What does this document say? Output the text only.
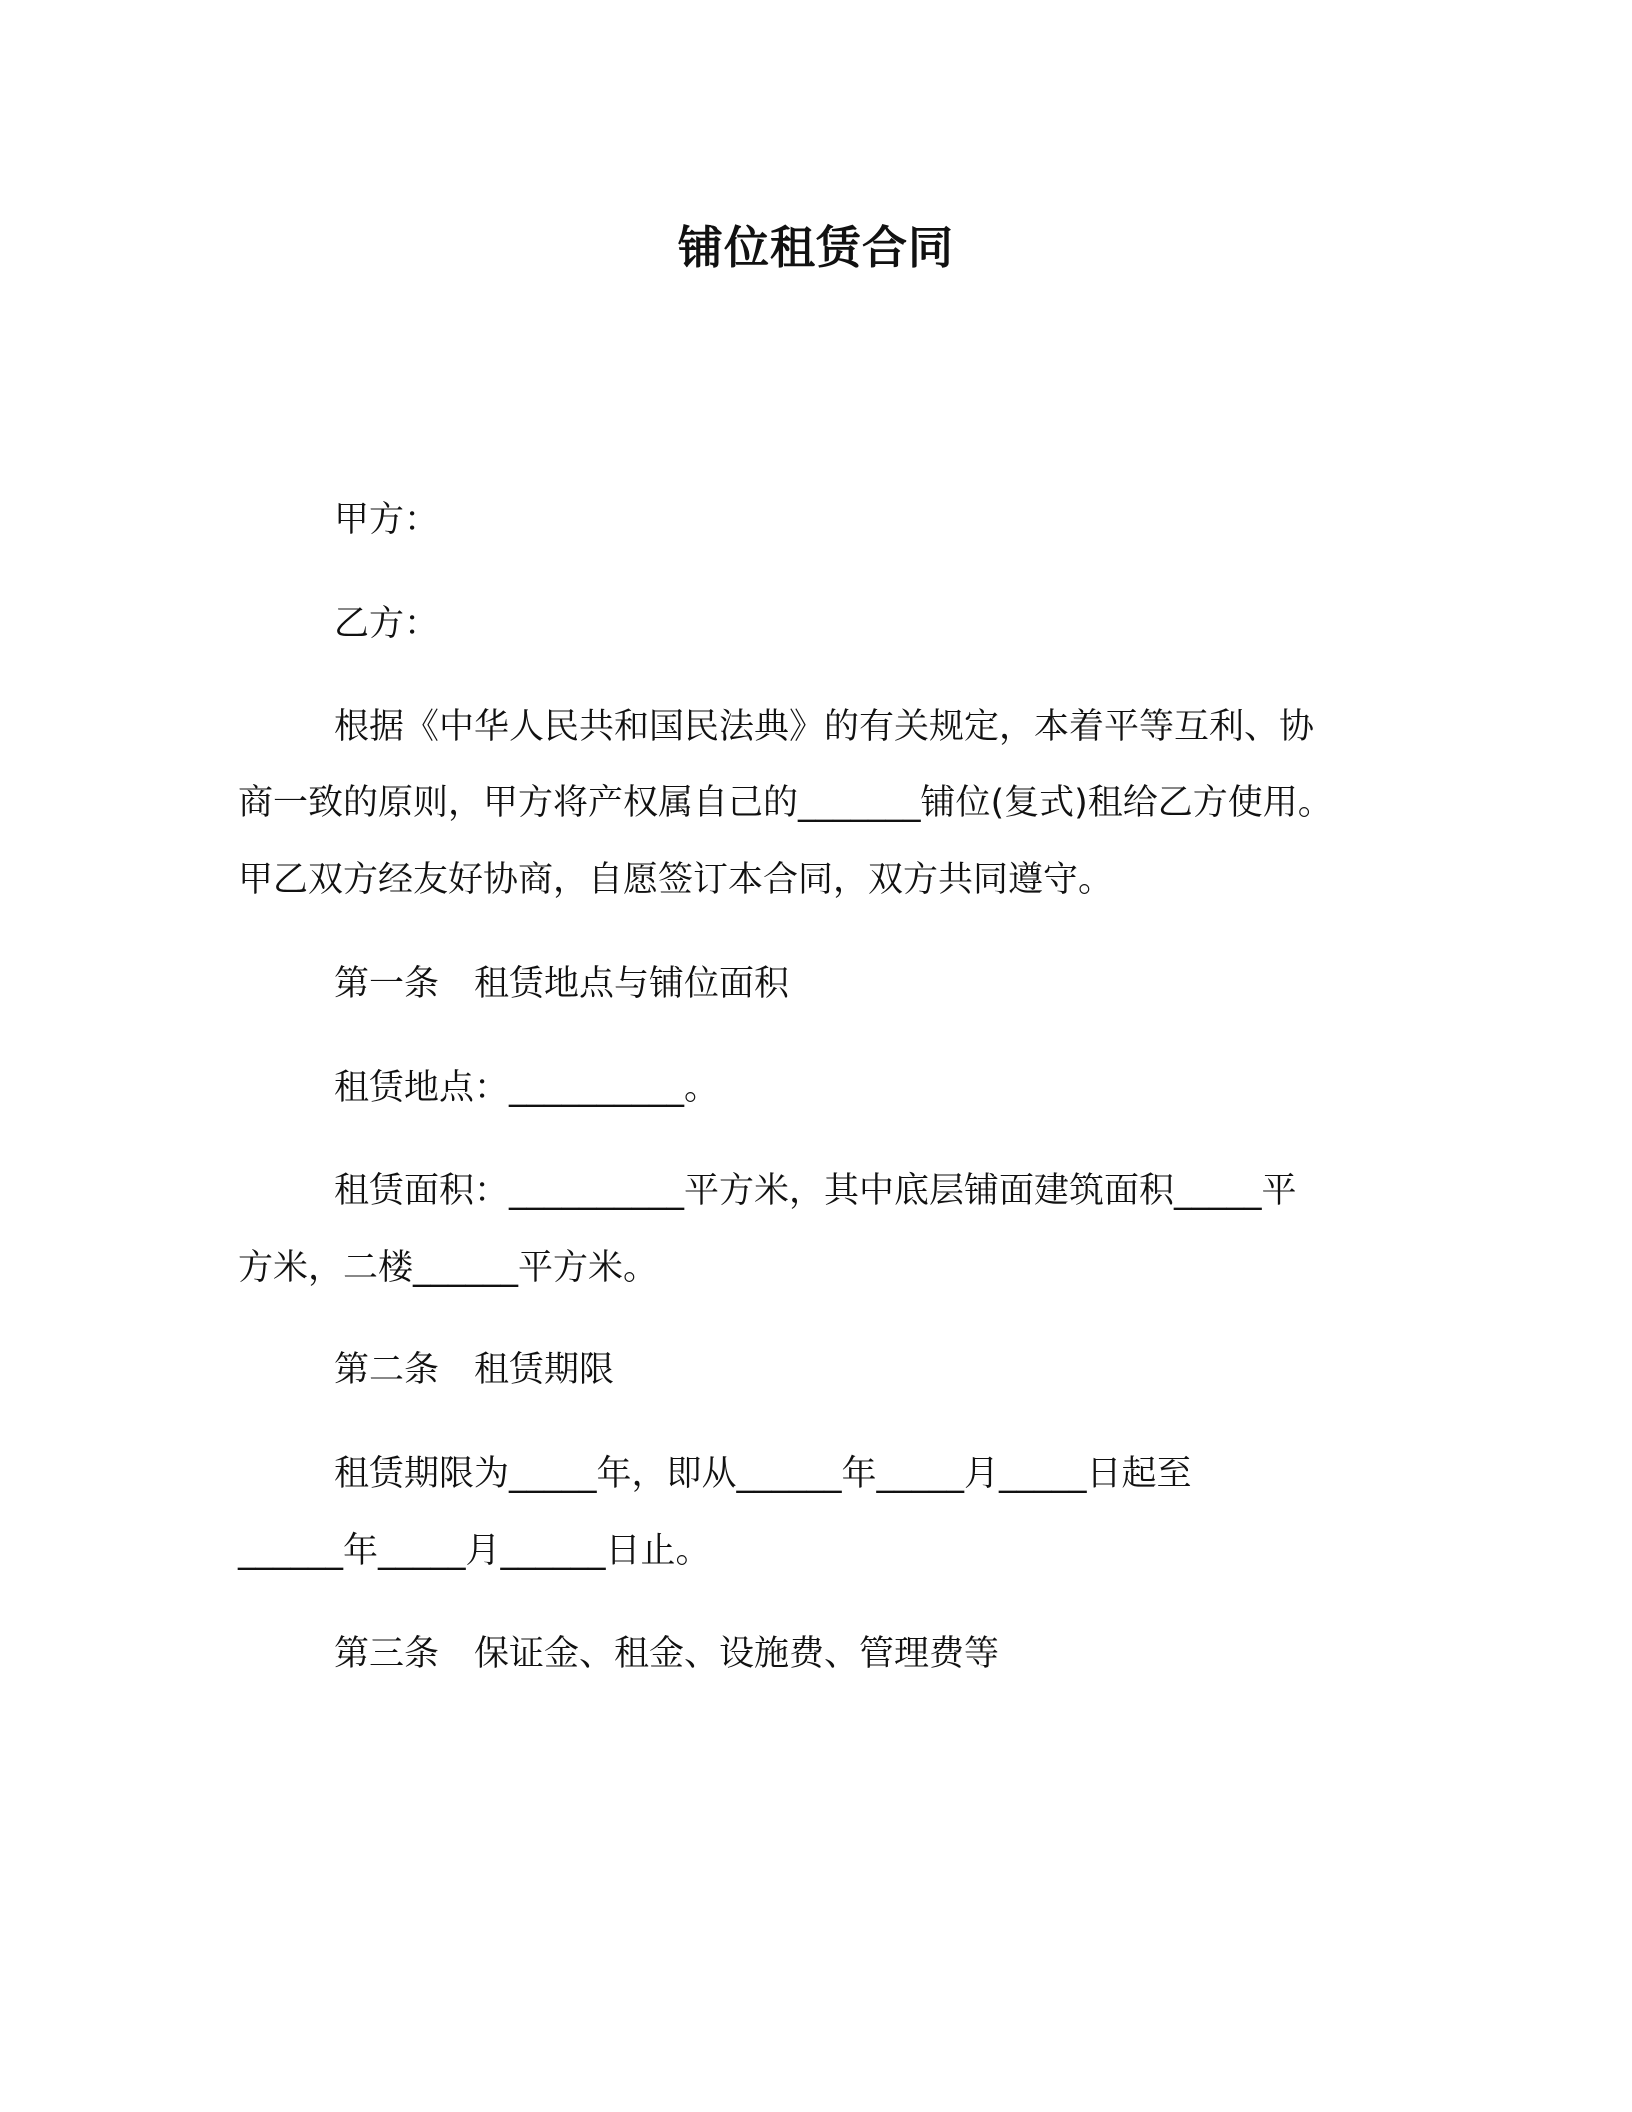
铺位租赁合同
甲方：
乙方：
根据《中华人民共和国民法典》的有关规定，本着平等互利、协
商一致的原则，甲方将产权属自己的_______铺位(复式)租给乙方使用。
甲乙双方经友好协商，自愿签订本合同，双方共同遵守。
第一条　租赁地点与铺位面积
租赁地点：__________。
租赁面积：__________平方米，其中底层铺面建筑面积_____平
方米，二楼______平方米。
第二条　租赁期限
租赁期限为_____年，即从______年_____月_____日起至
______年_____月______日止。
第三条　保证金、租金、设施费、管理费等
